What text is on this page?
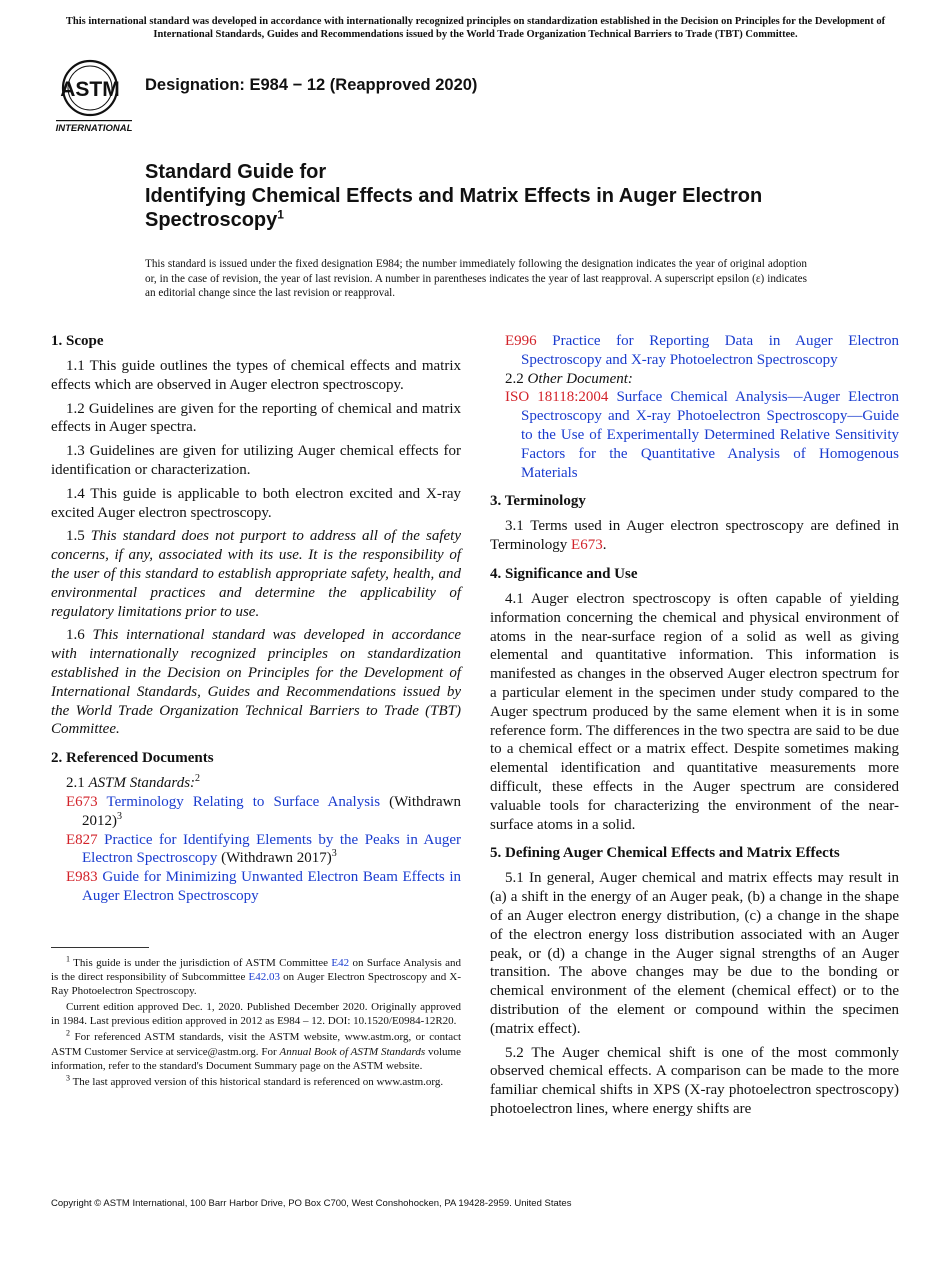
This international standard was developed in accordance with internationally recognized principles on standardization established in the Decision on Principles for the Development of International Standards, Guides and Recommendations issued by the World Trade Organization Technical Barriers to Trade (TBT) Committee.
ASTM
INTERNATIONAL
Designation: E984 − 12 (Reapproved 2020)
Standard Guide for
Identifying Chemical Effects and Matrix Effects in Auger Electron Spectroscopy$^1$
This standard is issued under the fixed designation E984; the number immediately following the designation indicates the year of original adoption or, in the case of revision, the year of last revision. A number in parentheses indicates the year of last reapproval. A superscript epsilon (ε) indicates an editorial change since the last revision or reapproval.
1. Scope

1.1 This guide outlines the types of chemical effects and matrix effects which are observed in Auger electron spectroscopy.

1.2 Guidelines are given for the reporting of chemical and matrix effects in Auger spectra.

1.3 Guidelines are given for utilizing Auger chemical effects for identification or characterization.

1.4 This guide is applicable to both electron excited and X-ray excited Auger electron spectroscopy.

1.5 This standard does not purport to address all of the safety concerns, if any, associated with its use. It is the responsibility of the user of this standard to establish appropriate safety, health, and environmental practices and determine the applicability of regulatory limitations prior to use.

1.6 This international standard was developed in accordance with internationally recognized principles on standardization established in the Decision on Principles for the Development of International Standards, Guides and Recommendations issued by the World Trade Organization Technical Barriers to Trade (TBT) Committee.

2. Referenced Documents

2.1 ASTM Standards:$^2$

E673 Terminology Relating to Surface Analysis (Withdrawn 2012)$^3$

E827 Practice for Identifying Elements by the Peaks in Auger Electron Spectroscopy (Withdrawn 2017)$^3$

E983 Guide for Minimizing Unwanted Electron Beam Effects in Auger Electron Spectroscopy

$^1$ This guide is under the jurisdiction of ASTM Committee E42 on Surface Analysis and is the direct responsibility of Subcommittee E42.03 on Auger Electron Spectroscopy and X-Ray Photoelectron Spectroscopy.

Current edition approved Dec. 1, 2020. Published December 2020. Originally approved in 1984. Last previous edition approved in 2012 as E984 – 12. DOI: 10.1520/E0984-12R20.

$^2$ For referenced ASTM standards, visit the ASTM website, www.astm.org, or contact ASTM Customer Service at service@astm.org. For Annual Book of ASTM Standards volume information, refer to the standard's Document Summary page on the ASTM website.

$^3$ The last approved version of this historical standard is referenced on www.astm.org.

E996 Practice for Reporting Data in Auger Electron Spectroscopy and X-ray Photoelectron Spectroscopy

2.2 Other Document:

ISO 18118:2004 Surface Chemical Analysis—Auger Electron Spectroscopy and X-ray Photoelectron Spectroscopy—Guide to the Use of Experimentally Determined Relative Sensitivity Factors for the Quantitative Analysis of Homogenous Materials

3. Terminology

3.1 Terms used in Auger electron spectroscopy are defined in Terminology E673.

4. Significance and Use

4.1 Auger electron spectroscopy is often capable of yielding information concerning the chemical and physical environment of atoms in the near-surface region of a solid as well as giving elemental and quantitative information. This information is manifested as changes in the observed Auger electron spectrum for a particular element in the specimen under study compared to the Auger spectrum produced by the same element when it is in some reference form. The differences in the two spectra are said to be due to a chemical effect or a matrix effect. Despite sometimes making elemental identification and quantitative measurements more difficult, these effects in the Auger spectrum are considered valuable tools for characterizing the environment of the near-surface atoms in a solid.

5. Defining Auger Chemical Effects and Matrix Effects

5.1 In general, Auger chemical and matrix effects may result in (a) a shift in the energy of an Auger peak, (b) a change in the shape of an Auger electron energy distribution, (c) a change in the shape of the electron energy loss distribution associated with an Auger peak, or (d) a change in the Auger signal strengths of an Auger transition. The above changes may be due to the bonding or chemical environment of the element (chemical effect) or to the distribution of the element or compound within the specimen (matrix effect).

5.2 The Auger chemical shift is one of the most commonly observed chemical effects. A comparison can be made to the more familiar chemical shifts in XPS (X-ray photoelectron spectroscopy) photoelectron lines, where energy shifts are

Copyright © ASTM International, 100 Barr Harbor Drive, PO Box C700, West Conshohocken, PA 19428-2959. United States
